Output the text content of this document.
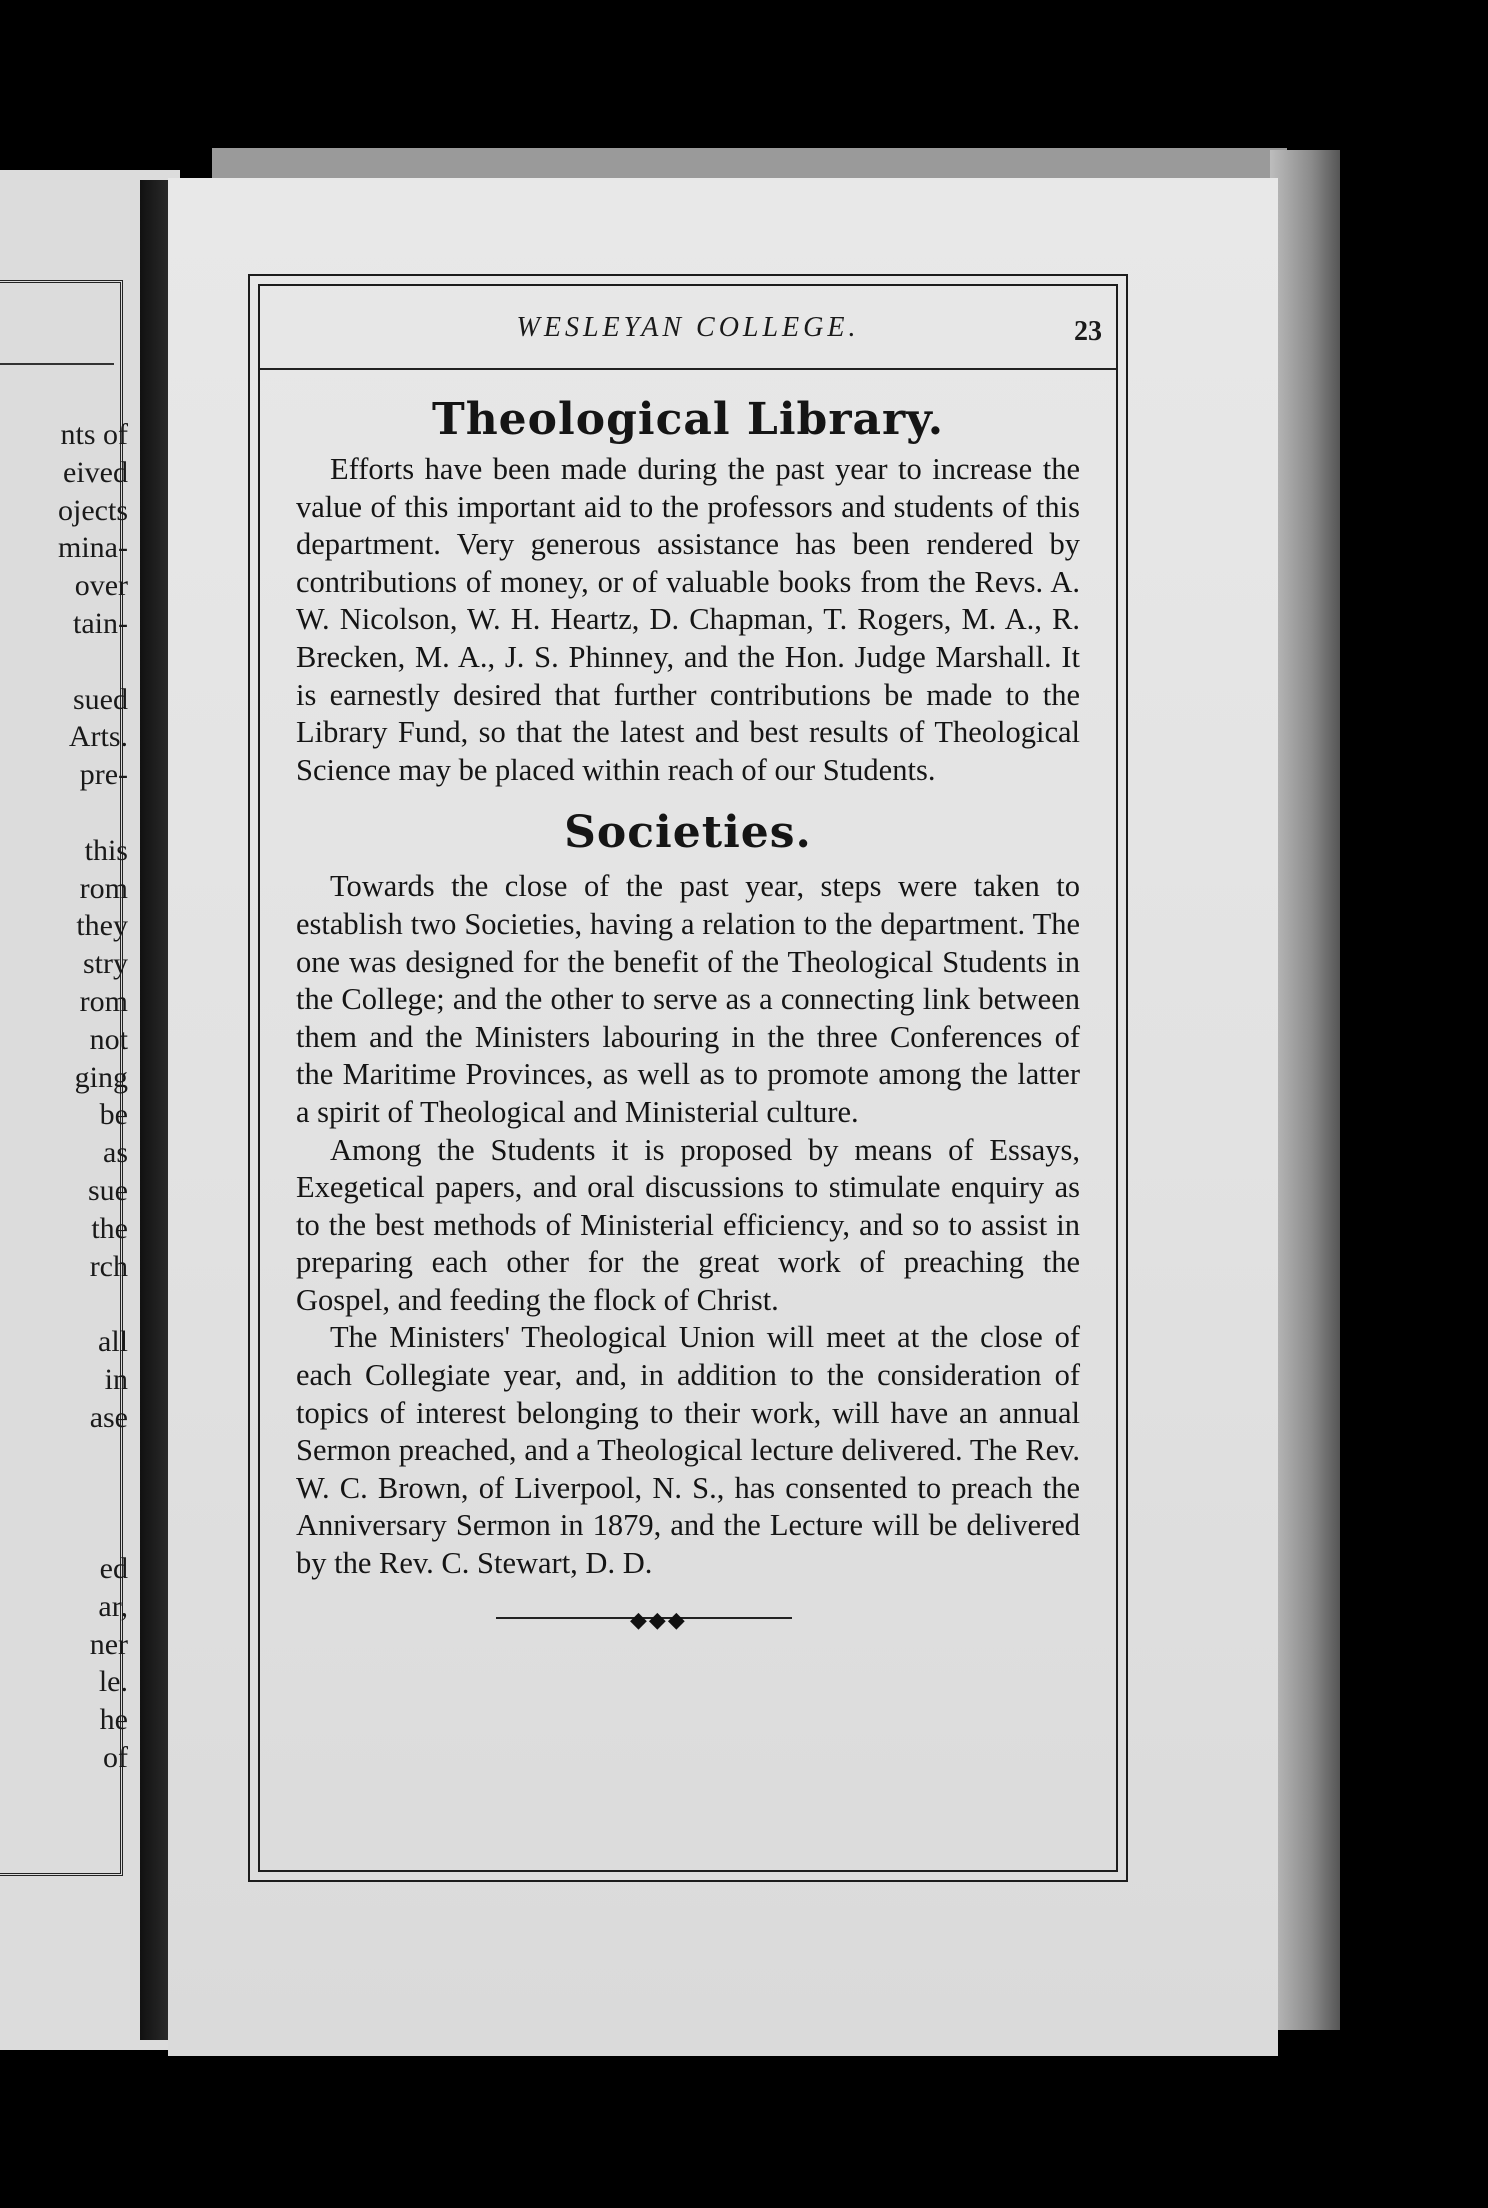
nts of
eived
ojects
mina-
over
tain-
sued
Arts.
pre-
this
rom
they
stry
rom
not
ging
be
as
sue
the
rch
all
in
ase
ed
ar,
ner
le.
he
of
WESLEYAN COLLEGE.	23
Theological Library.

Efforts have been made during the past year to increase the value of this important aid to the professors and students of this department. Very generous assistance has been rendered by contributions of money, or of valuable books from the Revs. A. W. Nicolson, W. H. Heartz, D. Chapman, T. Rogers, M. A., R. Brecken, M. A., J. S. Phinney, and the Hon. Judge Marshall. It is earnestly desired that further contributions be made to the Library Fund, so that the latest and best results of Theological Science may be placed within reach of our Students.

Societies.

Towards the close of the past year, steps were taken to establish two Societies, having a relation to the department. The one was designed for the benefit of the Theological Students in the College; and the other to serve as a connecting link between them and the Ministers labouring in the three Conferences of the Maritime Provinces, as well as to promote among the latter a spirit of Theological and Ministerial culture.

Among the Students it is proposed by means of Essays, Exegetical papers, and oral discussions to stimulate enquiry as to the best methods of Ministerial efficiency, and so to assist in preparing each other for the great work of preaching the Gospel, and feeding the flock of Christ.

The Ministers' Theological Union will meet at the close of each Collegiate year, and, in addition to the consideration of topics of interest belonging to their work, will have an annual Sermon preached, and a Theological lecture delivered. The Rev. W. C. Brown, of Liverpool, N. S., has consented to preach the Anniversary Sermon in 1879, and the Lecture will be delivered by the Rev. C. Stewart, D. D.

◆◆◆
